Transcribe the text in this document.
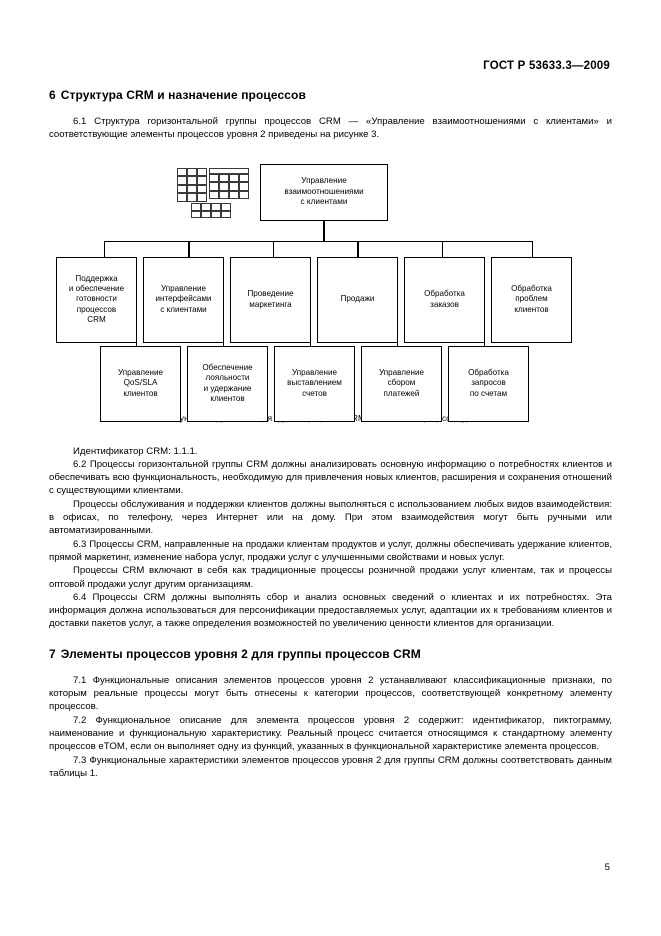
ГОСТ Р 53633.3—2009
6 Структура CRM и назначение процессов

6.1 Структура горизонтальной группы процессов CRM — «Управление взаимоотношениями с клиентами» и соответствующие элементы процессов уровня 2 приведены на рисунке 3.

Управление
взаимоотношениями
с клиентами
Поддержка
и обеспечение
готовности
процессов
CRM
Управление
интерфейсами
с клиентами
Проведение
маркетинга
Продажи
Обработка
заказов
Обработка
проблем
клиентов
Управление
QoS/SLA
клиентов
Обеспечение
лояльности
и удержание
клиентов
Управление
выставлением
счетов
Управление
сбором
платежей
Обработка
запросов
по счетам
Рисунок CRM

Идентификатор CRM: 1.1.1.

6.2 Процессы горизонтальной группы CRM должны анализировать основную информацию о потребностях клиентов и обеспечивать всю функциональность, необходимую для привлечения новых клиентов, расширения и сохранения отношений с существующими клиентами.

Процессы обслуживания и поддержки клиентов должны выполняться с использованием любых видов взаимодействия: в офисах, по телефону, через Интернет или на дому. При этом взаимодействия могут быть ручными или автоматизированными.

6.3 Процессы CRM, направленные на продажи клиентам продуктов и услуг, должны обеспечивать удержание клиентов, прямой маркетинг, изменение набора услуг, продажи услуг с улучшенными свойствами и новых услуг.

Процессы CRM включают в себя как традиционные процессы розничной продажи услуг клиентам, так и процессы оптовой продажи услуг другим организациям.

6.4 Процессы CRM должны выполнять сбор и анализ основных сведений о клиентах и их потребностях. Эта информация должна использоваться для персонификации предоставляемых услуг, адаптации их к требованиям клиентов и доставки пакетов услуг, а также определения возможностей по увеличению ценности клиентов для организации.

7 Элементы процессов уровня 2 для группы процессов CRM

7.1 Функциональные описания элементов процессов уровня 2 устанавливают классификационные признаки, по которым реальные процессы могут быть отнесены к категории процессов, соответствующей конкретному элементу процессов.

7.2 Функциональное описание для элемента процессов уровня 2 содержит: идентификатор, пиктограмму, наименование и функциональную характеристику. Реальный процесс считается относящимся к стандартному элементу процессов eTOM, если он выполняет одну из функций, указанных в функциональной характеристике элемента процессов.

7.3 Функциональные характеристики элементов процессов уровня 2 для группы CRM должны соответствовать данным таблицы 1.

5
